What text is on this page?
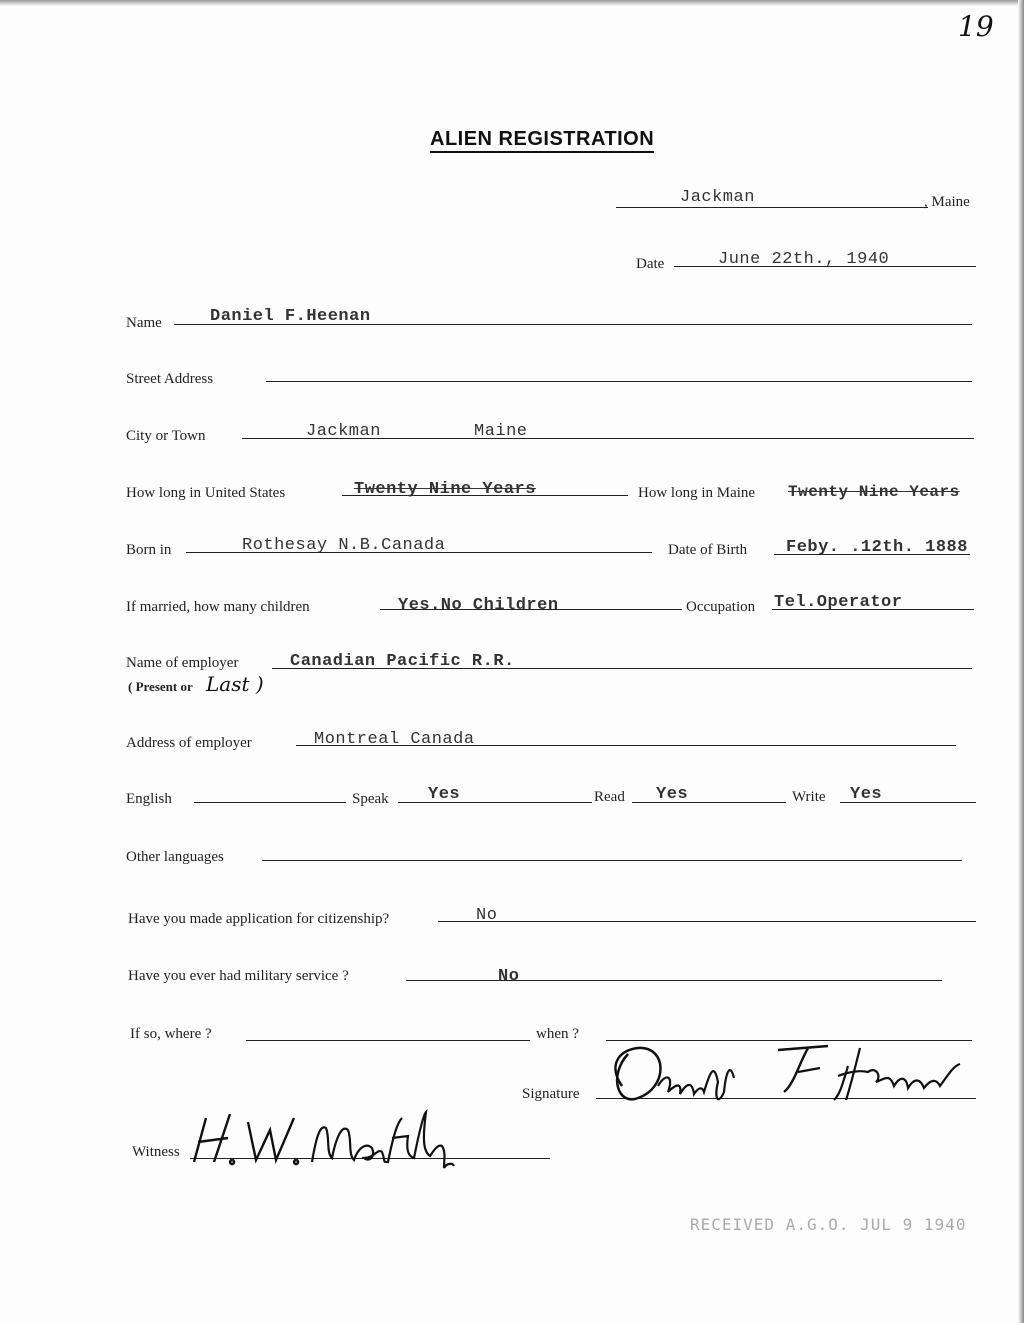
19
ALIEN REGISTRATION
Jackman	, Maine
Date	June 22th., 1940
Name	Daniel F.Heenan
Street Address
City or Town	Jackman	Maine
How long in United States	Twenty Nine Years	How long in Maine Twenty Nine Years
Born in	Rothesay N.B.Canada	Date of Birth Feby. .12th. 1888
If married, how many children	Yes.No Children	Occupation Tel.Operator
Name of employer	Canadian Pacific R.R.
( Present or Last )
Address of employer	Montreal Canada
English	Speak Yes	Read Yes	Write Yes
Other languages
Have you made application for citizenship?	No
Have you ever had military service ?	No
If so, where ?	when ?
Signature
Witness
RECEIVED A.G.O. JUL 9 1940
